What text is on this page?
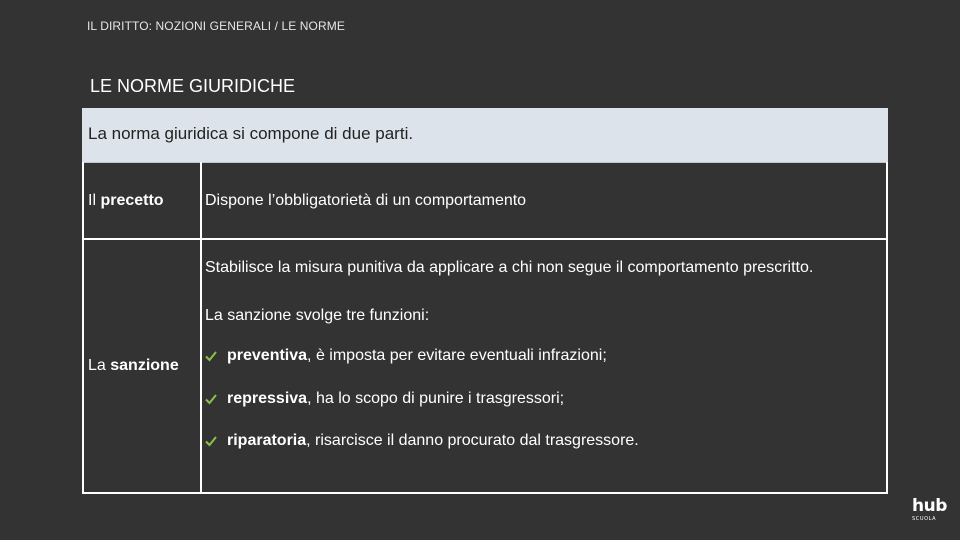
IL DIRITTO: NOZIONI GENERALI / LE NORME
LE NORME GIURIDICHE
La norma giuridica si compone di due parti.
Il precetto	Dispone l’obbligatorietà di un comportamento
La sanzione
Stabilisce la misura punitiva da applicare a chi non segue il comportamento prescritto.
La sanzione svolge tre funzioni:
preventiva , è imposta per evitare eventuali infrazioni;
repressiva , ha lo scopo di punire i trasgressori;
riparatoria , risarcisce il danno procurato dal trasgressore.
hub
SCUOLA
